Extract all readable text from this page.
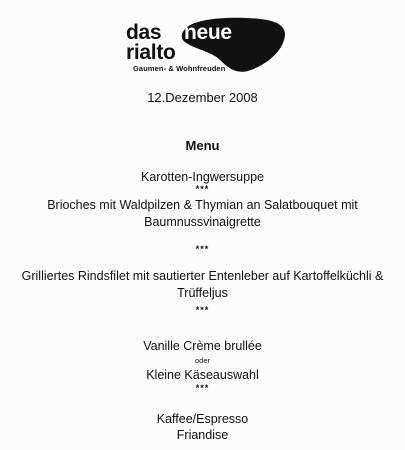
das neue
rialto
Gaumen- & Wohnfreuden
12.Dezember 2008
Menu
Karotten-Ingwersuppe
***
Brioches mit Waldpilzen & Thymian an Salatbouquet mit
Baumnussvinaigrette
***
Grilliertes Rindsfilet mit sautierter Entenleber auf Kartoffelküchli &
Trüffeljus
***
Vanille Crème brullée
oder
Kleine Käseauswahl
***
Kaffee/Espresso
Friandise
